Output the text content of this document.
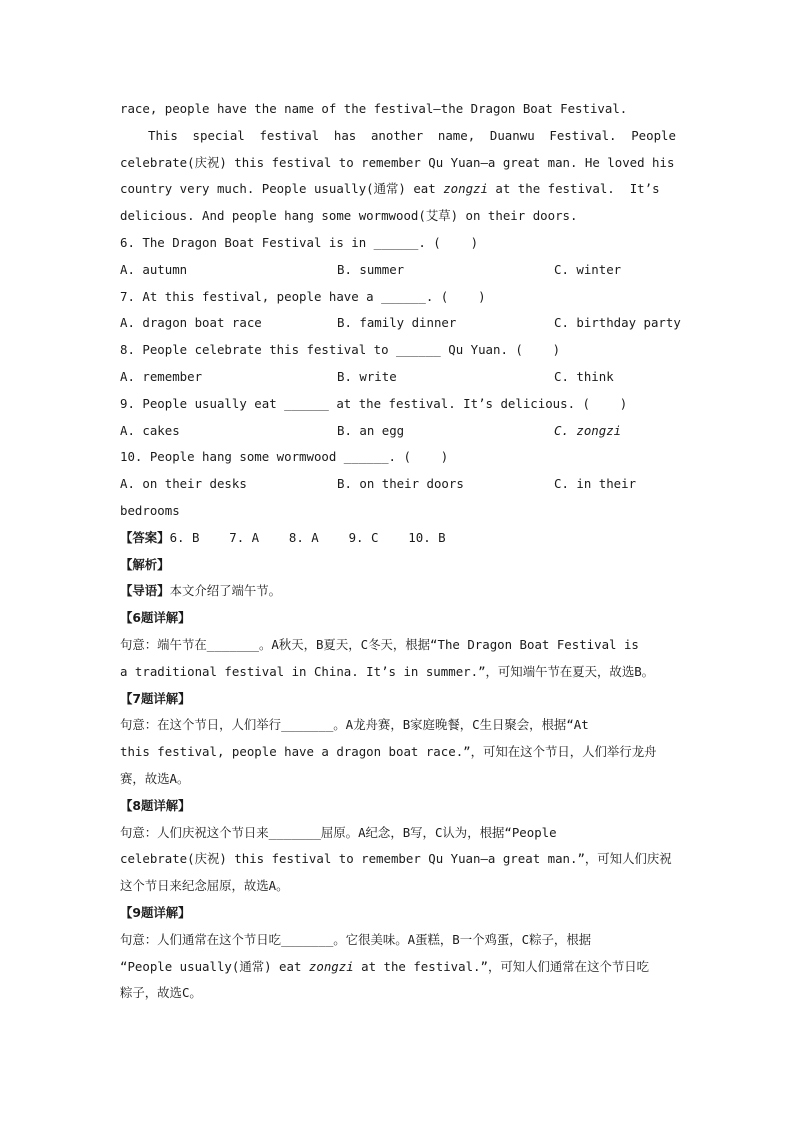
race, people have the name of the festival—the Dragon Boat Festival.
This special festival has another name, Duanwu Festival. People
celebrate(庆祝) this festival to remember Qu Yuan—a great man. He loved his
country very much. People usually(通常) eat zongzi at the festival.  It’s
delicious. And people hang some wormwood(艾草) on their doors.
6. The Dragon Boat Festival is in ______. (    )
A. autumn	B. summer	C. winter
7. At this festival, people have a ______. (    )
A. dragon boat race	B. family dinner	C. birthday party
8. People celebrate this festival to ______ Qu Yuan. (    )
A. remember	B. write	C. think
9. People usually eat ______ at the festival. It’s delicious. (    )
A. cakes	B. an egg	C. zongzi
10. People hang some wormwood ______. (    )
A. on their desks	B. on their doors	C. in their
bedrooms
【答案】6. B    7. A    8. A    9. C    10. B
【解析】
【导语】本文介绍了端午节。
【6题详解】
句意：端午节在_______。A秋天，B夏天，C冬天，根据“The Dragon Boat Festival is
a traditional festival in China. It’s in summer.”，可知端午节在夏天，故选B。
【7题详解】
句意：在这个节日，人们举行_______。A龙舟赛，B家庭晚餐，C生日聚会，根据“At
this festival, people have a dragon boat race.”，可知在这个节日，人们举行龙舟
赛，故选A。
【8题详解】
句意：人们庆祝这个节日来_______屈原。A纪念，B写，C认为，根据“People
celebrate(庆祝) this festival to remember Qu Yuan—a great man.”，可知人们庆祝
这个节日来纪念屈原，故选A。
【9题详解】
句意：人们通常在这个节日吃_______。它很美味。A蛋糕，B一个鸡蛋，C粽子，根据
“People usually(通常) eat zongzi at the festival.”，可知人们通常在这个节日吃
粽子，故选C。
